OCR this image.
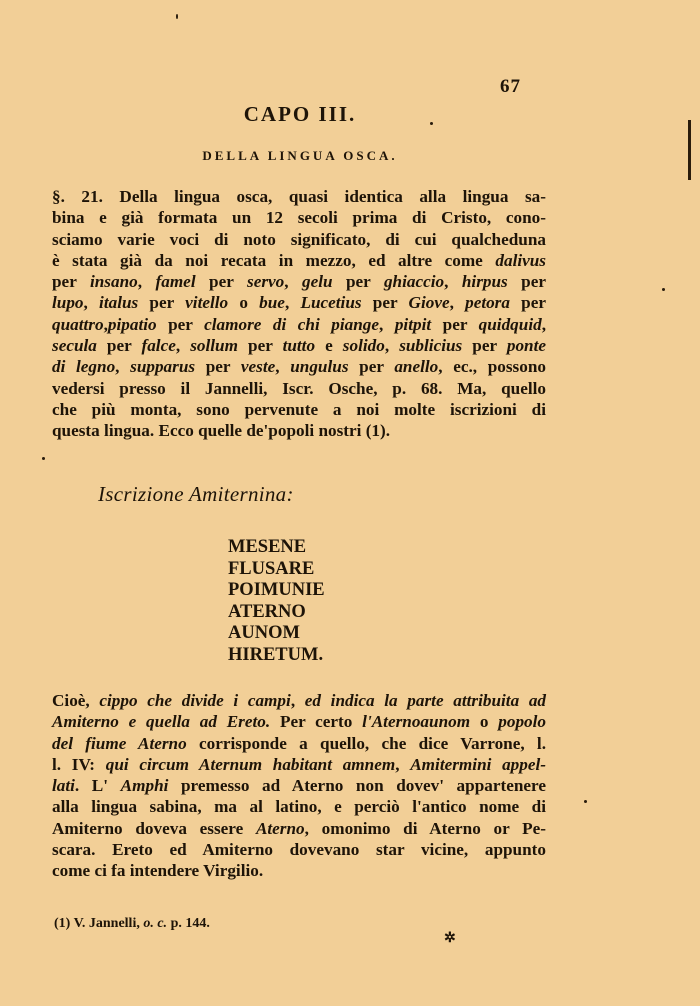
67
CAPO III.
DELLA LINGUA OSCA.
§. 21. Della lingua osca, quasi identica alla lingua sa-
bina e già formata un 12 secoli prima di Cristo, cono-
sciamo varie voci di noto significato, di cui qualcheduna
è stata già da noi recata in mezzo, ed altre come dalivus
per insano, famel per servo, gelu per ghiaccio, hirpus per
lupo, italus per vitello o bue, Lucetius per Giove, petora per
quattro,pipatio per clamore di chi piange, pitpit per quidquid,
secula per falce, sollum per tutto e solido, sublicius per ponte
di legno, supparus per veste, ungulus per anello, ec., possono
vedersi presso il Jannelli, Iscr. Osche, p. 68. Ma, quello
che più monta, sono pervenute a noi molte iscrizioni di
questa lingua. Ecco quelle de'popoli nostri (1).
Iscrizione Amiternina:
MESENE
FLUSARE
POIMUNIE
ATERNO
AUNOM
HIRETUM.
Cioè, cippo che divide i campi, ed indica la parte attribuita ad
Amiterno e quella ad Ereto. Per certo l'Aternoaunom o popolo
del fiume Aterno corrisponde a quello, che dice Varrone, l.
l. IV: qui circum Aternum habitant amnem, Amitermini appel-
lati. L' Amphi premesso ad Aterno non dovev' appartenere
alla lingua sabina, ma al latino, e perciò l'antico nome di
Amiterno doveva essere Aterno, omonimo di Aterno or Pe-
scara. Ereto ed Amiterno dovevano star vicine, appunto
come ci fa intendere Virgilio.
(1) V. Jannelli, o. c. p. 144.
✲
